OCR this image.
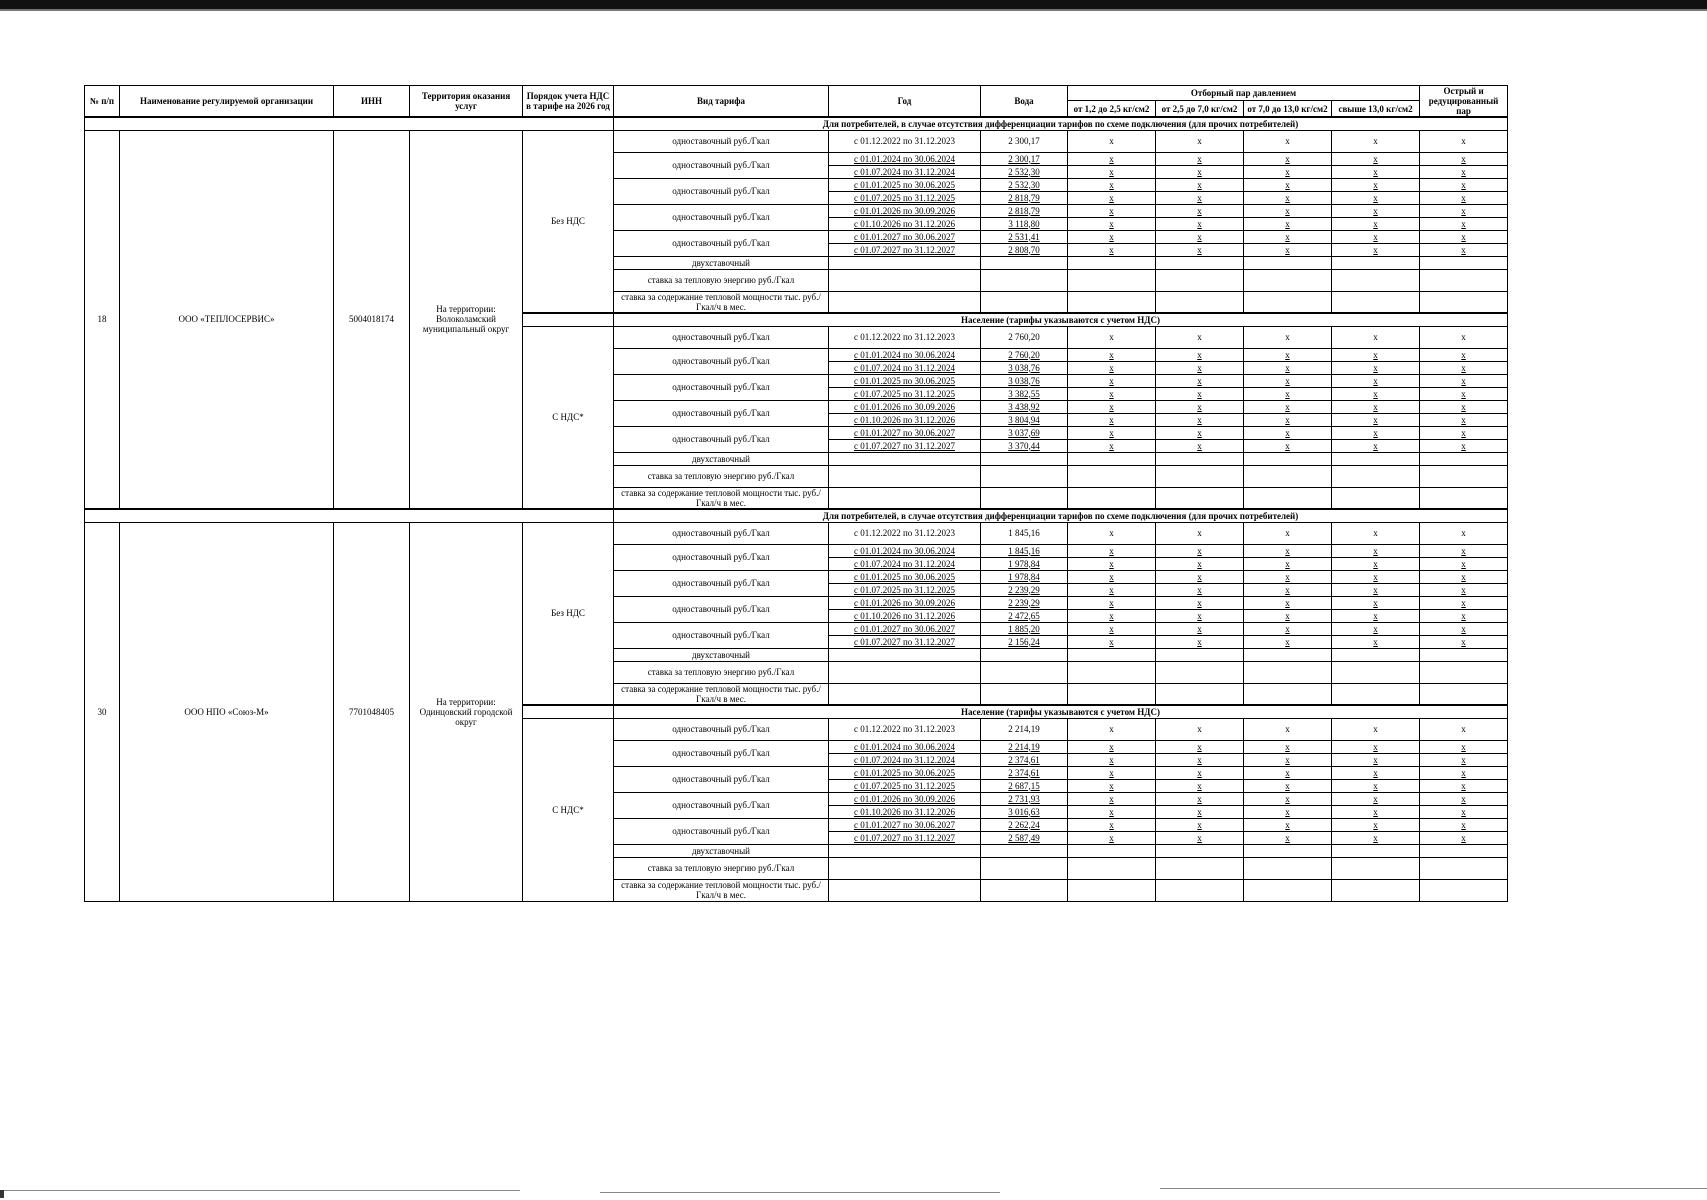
№ п/п	Наименование регулируемой организации	ИНН	Территория оказания услуг	Порядок учета НДС в тарифе на 2026 год	Вид тарифа	Год	Вода	Отборный пар давлением				Острый и редуцированный пар
								от 1,2 до 2,5 кг/см2	от 2,5 до 7,0 кг/см2	от 7,0 до 13,0 кг/см2	свыше 13,0 кг/см2	
					Для потребителей, в случае отсутствия дифференциации тарифов по схеме подключения (для прочих потребителей)							
18	ООО «ТЕПЛОСЕРВИС»	5004018174	На территории: Волоколамский муниципальный округ	Без НДС	одноставочный руб./Гкал	с 01.12.2022 по 31.12.2023	2 300,17	x	x	x	x	x
					одноставочный руб./Гкал	с 01.01.2024 по 30.06.2024	2 300,17	x	x	x	x	x
						с 01.07.2024 по 31.12.2024	2 532,30	x	x	x	x	x
					одноставочный руб./Гкал	с 01.01.2025 по 30.06.2025	2 532,30	x	x	x	x	x
						с 01.07.2025 по 31.12.2025	2 818,79	x	x	x	x	x
					одноставочный руб./Гкал	с 01.01.2026 по 30.09.2026	2 818,79	x	x	x	x	x
						с 01.10.2026 по 31.12.2026	3 118,80	x	x	x	x	x
					одноставочный руб./Гкал	с 01.01.2027 по 30.06.2027	2 531,41	x	x	x	x	x
						с 01.07.2027 по 31.12.2027	2 808,70	x	x	x	x	x
					двухставочный							
					ставка за тепловую энергию руб./Гкал							
					ставка за содержание тепловой мощности тыс. руб./Гкал/ч в мес.							
					Население (тарифы указываются с учетом НДС)							
				С НДС*	одноставочный руб./Гкал	с 01.12.2022 по 31.12.2023	2 760,20	x	x	x	x	x
					одноставочный руб./Гкал	с 01.01.2024 по 30.06.2024	2 760,20	x	x	x	x	x
						с 01.07.2024 по 31.12.2024	3 038,76	x	x	x	x	x
					одноставочный руб./Гкал	с 01.01.2025 по 30.06.2025	3 038,76	x	x	x	x	x
						с 01.07.2025 по 31.12.2025	3 382,55	x	x	x	x	x
					одноставочный руб./Гкал	с 01.01.2026 по 30.09.2026	3 438,92	x	x	x	x	x
						с 01.10.2026 по 31.12.2026	3 804,94	x	x	x	x	x
					одноставочный руб./Гкал	с 01.01.2027 по 30.06.2027	3 037,69	x	x	x	x	x
						с 01.07.2027 по 31.12.2027	3 370,44	x	x	x	x	x
					двухставочный							
					ставка за тепловую энергию руб./Гкал							
					ставка за содержание тепловой мощности тыс. руб./Гкал/ч в мес.							
					Для потребителей, в случае отсутствия дифференциации тарифов по схеме подключения (для прочих потребителей)							
30	ООО НПО «Союз-М»	7701048405	На территории: Одинцовский городской округ	Без НДС	одноставочный руб./Гкал	с 01.12.2022 по 31.12.2023	1 845,16	x	x	x	x	x
					одноставочный руб./Гкал	с 01.01.2024 по 30.06.2024	1 845,16	x	x	x	x	x
						с 01.07.2024 по 31.12.2024	1 978,84	x	x	x	x	x
					одноставочный руб./Гкал	с 01.01.2025 по 30.06.2025	1 978,84	x	x	x	x	x
						с 01.07.2025 по 31.12.2025	2 239,29	x	x	x	x	x
					одноставочный руб./Гкал	с 01.01.2026 по 30.09.2026	2 239,29	x	x	x	x	x
						с 01.10.2026 по 31.12.2026	2 472,65	x	x	x	x	x
					одноставочный руб./Гкал	с 01.01.2027 по 30.06.2027	1 885,20	x	x	x	x	x
						с 01.07.2027 по 31.12.2027	2 156,24	x	x	x	x	x
					двухставочный							
					ставка за тепловую энергию руб./Гкал							
					ставка за содержание тепловой мощности тыс. руб./Гкал/ч в мес.							
					Население (тарифы указываются с учетом НДС)							
				С НДС*	одноставочный руб./Гкал	с 01.12.2022 по 31.12.2023	2 214,19	x	x	x	x	x
					одноставочный руб./Гкал	с 01.01.2024 по 30.06.2024	2 214,19	x	x	x	x	x
						с 01.07.2024 по 31.12.2024	2 374,61	x	x	x	x	x
					одноставочный руб./Гкал	с 01.01.2025 по 30.06.2025	2 374,61	x	x	x	x	x
						с 01.07.2025 по 31.12.2025	2 687,15	x	x	x	x	x
					одноставочный руб./Гкал	с 01.01.2026 по 30.09.2026	2 731,93	x	x	x	x	x
						с 01.10.2026 по 31.12.2026	3 016,63	x	x	x	x	x
					одноставочный руб./Гкал	с 01.01.2027 по 30.06.2027	2 262,24	x	x	x	x	x
						с 01.07.2027 по 31.12.2027	2 587,49	x	x	x	x	x
					двухставочный							
					ставка за тепловую энергию руб./Гкал							
					ставка за содержание тепловой мощности тыс. руб./Гкал/ч в мес.							
